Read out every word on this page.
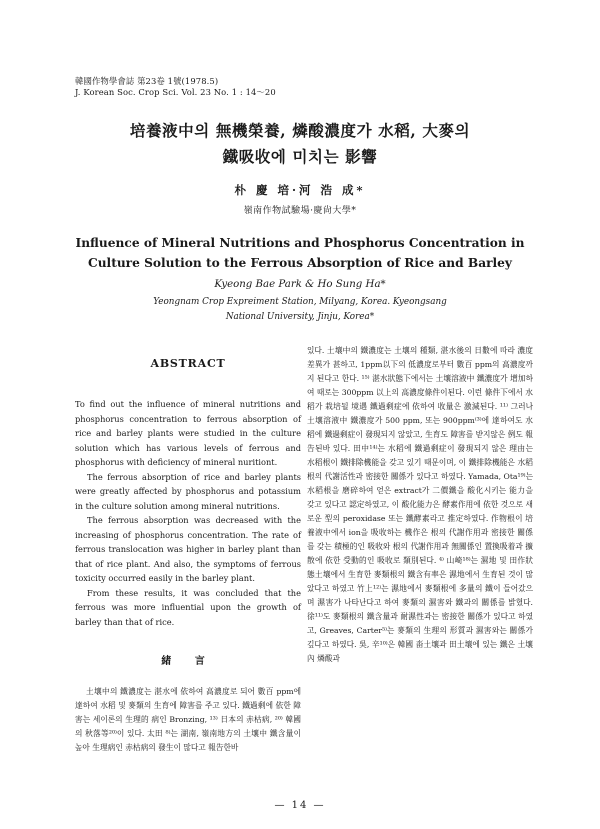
韓國作物學會誌 第23卷 1號(1978.5)
J. Korean Soc. Crop Sci. Vol. 23 No. 1 : 14～20
培養液中의 無機榮養, 燐酸濃度가 水稻, 大麥의
鐵吸收에 미치는 影響
朴 慶 培·河 浩 成*
嶺南作物試驗場·慶尙大學*
Influence of Mineral Nutritions and Phosphorus Concentration in
Culture Solution to the Ferrous Absorption of Rice and Barley
Kyeong Bae Park & Ho Sung Ha*
Yeongnam Crop Expreiment Station, Milyang, Korea. Kyeongsang
National University, Jinju, Korea*
ABSTRACT

To find out the influence of mineral nutritions and phosphorus concentration to ferrous absorption of rice and barley plants were studied in the culture solution which has various levels of ferrous and phosphorus with deficiency of mineral nuritiont.

The ferrous absorption of rice and barley plants were greatly affected by phosphorus and potassium in the culture solution among mineral nutritions.

The ferrous absorption was decreased with the increasing of phosphorus concentration. The rate of ferrous translocation was higher in barley plant than that of rice plant. And also, the symptoms of ferrous toxicity occurred easily in the barley plant.

From these results, it was concluded that the ferrous was more influential upon the growth of barley than that of rice.

緒 言

土壤中의 鐵濃度는 湛水에 依하여 高濃度로 되어 數百 ppm에 達하여 水稻 및 麥類의 生育에 障害를 주고 있다. 鐵過剩에 依한 障害는 세이론의 生理的 病인 Bronzing, ¹³⁾ 日本의 赤枯病, ²⁰⁾ 韓國의 秋落等²⁰⁾이 있다. 太田 ⁸⁾는 湖南, 嶺南地方의 土壤中 鐵含量이 높아 生理病인 赤枯病의 發生이 많다고 報告한바

있다. 土壤中의 鐵濃度는 土壤의 種類, 湛水後의 日數에 따라 濃度 差異가 甚하고, 1ppm以下의 低濃度로부터 數百 ppm의 高濃度까지 된다고 한다. ¹⁵⁾ 湛水狀態下에서는 土壤溶液中 鐵濃度가 增加하여 때로는 300ppm 以上의 高濃度條件이된다. 이런 條件下에서 水稻가 栽培될 境遇 鐵過剩症에 依하여 收量은 激減된다. ¹¹⁾ 그러나 土壤溶液中 鐵濃度가 500 ppm, 또는 900ppm⁽³⁾에 達하여도 水稻에 鐵過剩症이 發現되지 않았고, 生育도 障害를 받지않은 例도 報告된바 있다. 田中¹⁴⁾는 水稻에 鐵過剩症이 發現되지 않은 理由는 水稻根이 鐵排除機能을 갖고 있기 때문이며, 이 鐵排除機能은 水稻根의 代謝活性과 密接한 關係가 있다고 하였다. Yamada, Ota¹⁹⁾는 水稻根을 磨碎하여 얻은 extract가 二價鐵을 酸化시키는 能力을 갖고 있다고 認定하였고, 이 酸化能力은 酵素作用에 依한 것으로 새로운 型의 peroxidase 또는 鐵酵素라고 推定하였다. 作物根이 培養液中에서 ion을 吸收하는 機作은 根의 代謝作用과 密接한 關係를 갖는 積極的인 吸收와 根의 代謝作用과 無關係인 置換吸着과 擴散에 依한 受動的인 吸收로 類別된다. ⁴⁾ 山崎¹⁸⁾는 濕地 및 田作狀態土壤에서 生育한 麥類根의 鐵含有率은 濕地에서 生育된 것이 많았다고 하였고 竹上¹²⁾는 濕地에서 麥類根에 多量의 鐵이 들어갔으며 濕害가 나타난다고 하여 麥類의 濕害와 鐵과의 關係를 밝혔다. 徐¹¹⁾도 麥類根의 鐵含量과 耐濕性과는 密接한 關係가 있다고 하였고, Greaves, Carter⁵⁾는 麥類의 生理의 形質과 濕害와는 關係가 깊다고 하였다. 吳, 辛¹⁰⁾은 韓國 畓土壤과 田土壤에 있는 鐵은 土壤內 燐酸과

— 14 —
